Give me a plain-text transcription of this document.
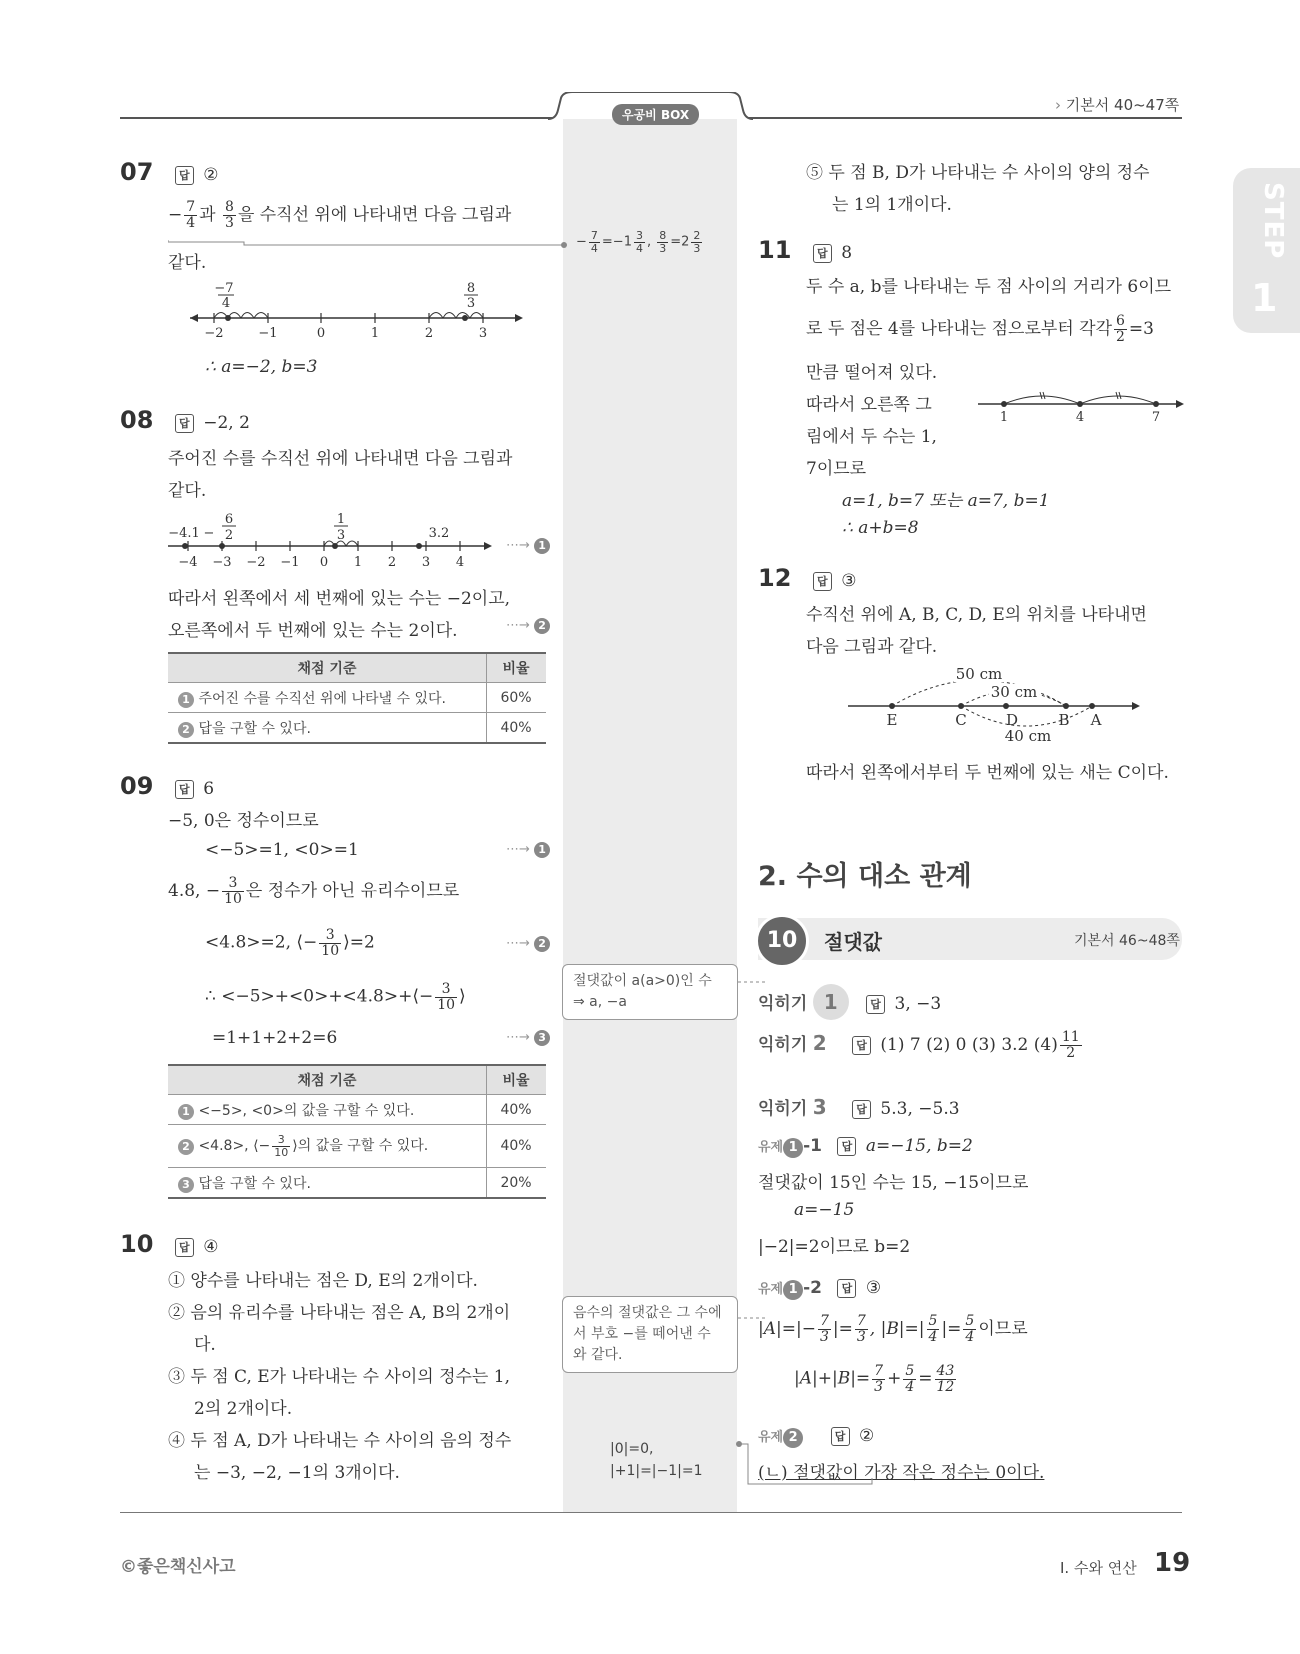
우공비 BOX
› 기본서 40~47쪽
STEP
1
07 답 ②
− $\frac{7}{4}$ 과 $\frac{8}{3}$ 을 수직선 위에 나타내면 다음 그림과
같다.
− $\frac{7}{4} =-1 \frac{3}{4}$ , $\frac{8}{3} =2 \frac{2}{3}$
−2	−1	0	1	2	3
−7
4
8
3
∴ a=−2, b=3
08 답 −2, 2
주어진 수를 수직선 위에 나타내면 다음 그림과
같다.
−4 −3 −2 −1 0 1 2 3 4
−4.1 −
6
2
1
3	3.2
⋯→ 1
따라서 왼쪽에서 세 번째에 있는 수는 −2이고,
오른쪽에서 두 번째에 있는 수는 2이다.	⋯→ 2
채점 기준	비율
1 주어진 수를 수직선 위에 나타낼 수 있다.	60%
2 답을 구할 수 있다.	40%
09 답 6
−5, 0은 정수이므로
<−5>=1, <0>=1	⋯→ 1
4.8, − $\frac{3}{10}$ 은 정수가 아닌 유리수이므로
<4.8>=2, ⟨− $\frac{3}{10}$ ⟩=2	⋯→ 2
∴ <−5>+<0>+<4.8>+⟨− $\frac{3}{10}$ ⟩
=1+1+2+2=6	⋯→ 3
채점 기준	비율
1 <−5>, <0>의 값을 구할 수 있다.	40%
2 <4.8>, ⟨− $\frac{3}{10}$ ⟩의 값을 구할 수 있다.	40%
3 답을 구할 수 있다.	20%
10 답 ④
① 양수를 나타내는 점은 D, E의 2개이다.
② 음의 유리수를 나타내는 점은 A, B의 2개이
다.
③ 두 점 C, E가 나타내는 수 사이의 정수는 1,
2의 2개이다.
④ 두 점 A, D가 나타내는 수 사이의 음의 정수
는 −3, −2, −1의 3개이다.
⑤ 두 점 B, D가 나타내는 수 사이의 양의 정수
는 1의 1개이다.
11 답 8
두 수 a, b를 나타내는 두 점 사이의 거리가 6이므
로 두 점은 4를 나타내는 점으로부터 각각 $\frac{6}{2} =3$
만큼 떨어져 있다.
따라서 오른쪽 그
림에서 두 수는 1,
7이므로
1	4	7
a=1, b=7 또는 a=7, b=1
∴ a+b=8
12 답 ③
수직선 위에 A, B, C, D, E의 위치를 나타내면
다음 그림과 같다.
50 cm
30 cm
40 cm
E	C	D	B A
따라서 왼쪽에서부터 두 번째에 있는 새는 C이다.
2. 수의 대소 관계
10	절댓값	기본서 46~48쪽
익히기 1	답 3, −3
익히기 2	답 (1) 7 (2) 0 (3) 3.2 $(4) \frac{11}{2}$
익히기 3	답 5.3, −5.3
유제 1 -1 답 a=−15, b=2
절댓값이 15인 수는 15, −15이므로
a=−15
|−2|=2이므로 b=2
유제 1 -2 답 ③
$|A|=|- \frac{7}{3}$ |= $\frac{7}{3}$ , $|B|=| \frac{5}{4}$ |= $\frac{5}{4}$ 이므로
$|A|+|B|= \frac{7}{3} + \frac{5}{4} = \frac{43}{12}$
유제 2	답 ②
(ㄴ) 절댓값이 가장 작은 정수는 0이다.
절댓값이 a(a>0)인 수
⇒ a, −a
음수의 절댓값은 그 수에
서 부호 −를 떼어낸 수
와 같다.
|0|=0,
|+1|=|−1|=1
©좋은책신사고	Ⅰ. 수와 연산 19
